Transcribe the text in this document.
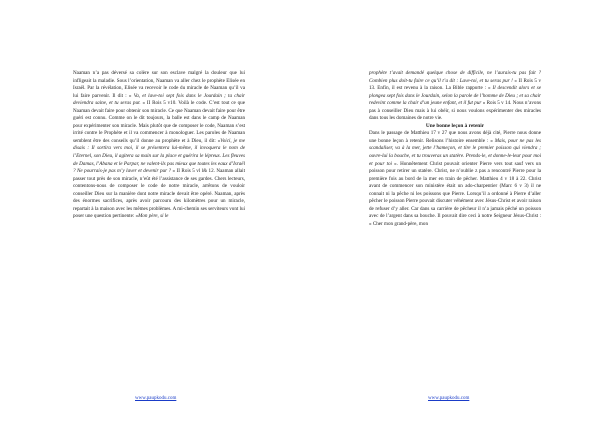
Naaman n’a pas déversé sa colère sur son esclave malgré la douleur que lui infligeait la maladie. Sous l’orientation, Naaman va aller chez le prophète Elisée en Israël. Par la révélation, Elisée va recevoir le code du miracle de Naaman qu’il va lui faire parvenir. Il dit : « Va, et lave-toi sept fois dans le Jourdain ; ta chair deviendra saine, et tu seras pur. » II Rois 5 v10. Voilà le code. C’est tout ce que Naaman devait faire pour obtenir son miracle. Ce que Naaman devait faire pour être guéri est connu. Comme on le dit toujours, la balle est dans le camp de Naaman pour expérimenter son miracle. Mais plutôt que de composer le code, Naaman s’est irrité contre le Prophète et il va commencer à monologuer. Les paroles de Naaman semblent être des conseils qu’il donne au prophète et à Dieu, il dit: «Voici, je me disais : Il sortira vers moi, il se présentera lui-même, il invoquera le nom de l’Eternel, son Dieu, il agitera sa main sur la place et guérira le lépreux. Les fleuves de Damas, l’Abana et le Parpar, ne valent-ils pas mieux que toutes les eaux d’Israël ? Ne pourrais-je pas m’y laver et devenir pur ? » II Rois 5 vl l& 12. Naaman allait passer tout près de son miracle, n’eût été l’assistance de ses gardes. Chers lecteurs, contentons-nous de composer le code de notre miracle, arrêtons de vouloir conseiller Dieu sur la manière dont notre miracle devait être opéré. Naaman, après des énormes sacrifices, après avoir parcouru des kilomètres pour un miracle, repartait à la maison avec les mêmes problèmes. A mi-chemin ses serviteurs vont lui poser une question pertinente: «Mon père, si le

prophète t’avait demandé quelque chose de difficile, ne l’aurais-tu pas fait ? Combien plus doit-tu faire ce qu’il t’a dit : Lave-toi, et tu seras pur ! » II Rois 5 v 13. Enfin, il est revenu à la raison. La Bible rapporte : « Il descendit alors et se plongea sept fois dans le Jourdain, selon la parole de l’homme de Dieu ; et sa chair redevint comme la chair d’un jeune enfant, et il fut pur » Rois 5 v 14. Nous n’avons pas à conseiller Dieu mais à lui obéir, si nous voulons expérimenter des miracles dans tous les domaines de notre vie.

Une bonne leçon à retenir

Dans le passage de Matthieu 17 v 27 que nous avons déjà cité, Pierre nous donne une bonne leçon à retenir. Relisons l’histoire ensemble : « Mais, pour ne pas les scandaliser, va à la mer, jette l’hameçon, et tire le premier poisson qui viendra ; ouvre-lui la bouche, et tu trouveras un statère. Prends-le, et donne-le-leur pour moi et pour toi ». Honnêtement Christ pouvait orienter Pierre vers tout sauf vers un poisson pour retirer un statère. Christ, ne n’oublie z pas a rencontré Pierre pour la première fois au bord de la mer en train de pêcher. Matthieu 4 v 18 à 22. Christ avant de commencer son ministère était un ado-charpentier (Marc 6 v 3) il ne connait ni la pêche ni les poissons que Pierre. Lorsqu’il a ordonné à Pierre d’aller pêcher le poisson Pierre pouvait discuter véhément avec Jésus-Christ et avoir raison de refuser d’y aller. Car dans sa carrière de pêcheur il n’a jamais pêché un poisson avec de l’argent dans sa bouche. Il pouvait dire ceci à notre Seigneur Jésus-Christ : « Cher mon grand-père, mon

www.paupkodu.com	www.paupkodu.com
